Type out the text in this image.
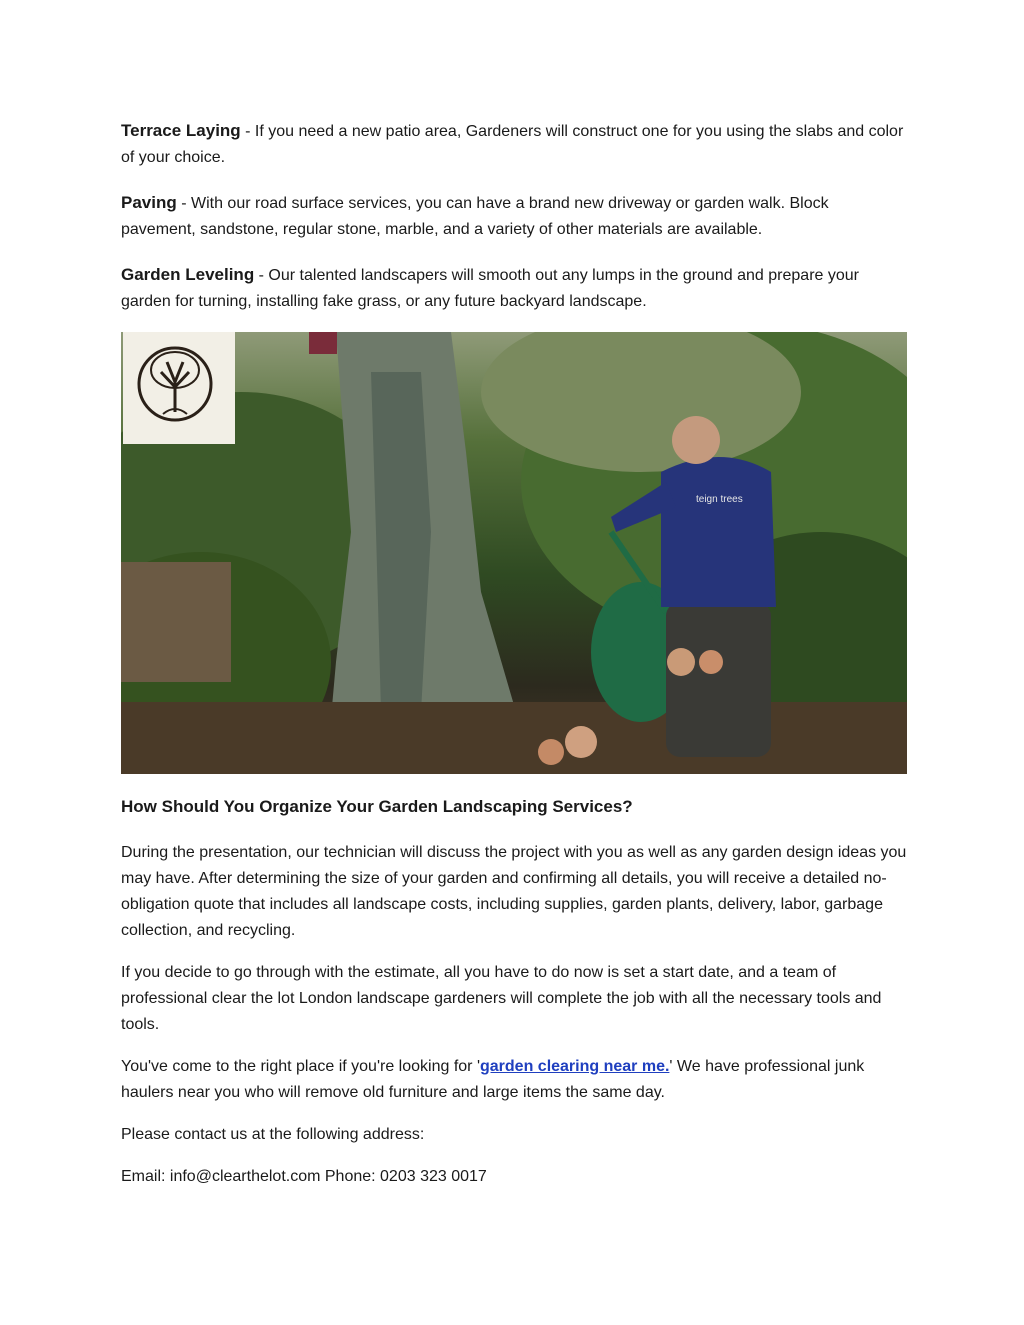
Terrace Laying - If you need a new patio area, Gardeners will construct one for you using the slabs and color of your choice.

Paving - With our road surface services, you can have a brand new driveway or garden walk. Block pavement, sandstone, regular stone, marble, and a variety of other materials are available.

Garden Leveling - Our talented landscapers will smooth out any lumps in the ground and prepare your garden for turning, installing fake grass, or any future backyard landscape.

teign trees
How Should You Organize Your Garden Landscaping Services?

During the presentation, our technician will discuss the project with you as well as any garden design ideas you may have. After determining the size of your garden and confirming all details, you will receive a detailed no-obligation quote that includes all landscape costs, including supplies, garden plants, delivery, labor, garbage collection, and recycling.

If you decide to go through with the estimate, all you have to do now is set a start date, and a team of professional clear the lot London landscape gardeners will complete the job with all the necessary tools and tools.

You've come to the right place if you're looking for 'garden clearing near me.' We have professional junk haulers near you who will remove old furniture and large items the same day.

Please contact us at the following address:

Email: info@clearthelot.com Phone: 0203 323 0017
